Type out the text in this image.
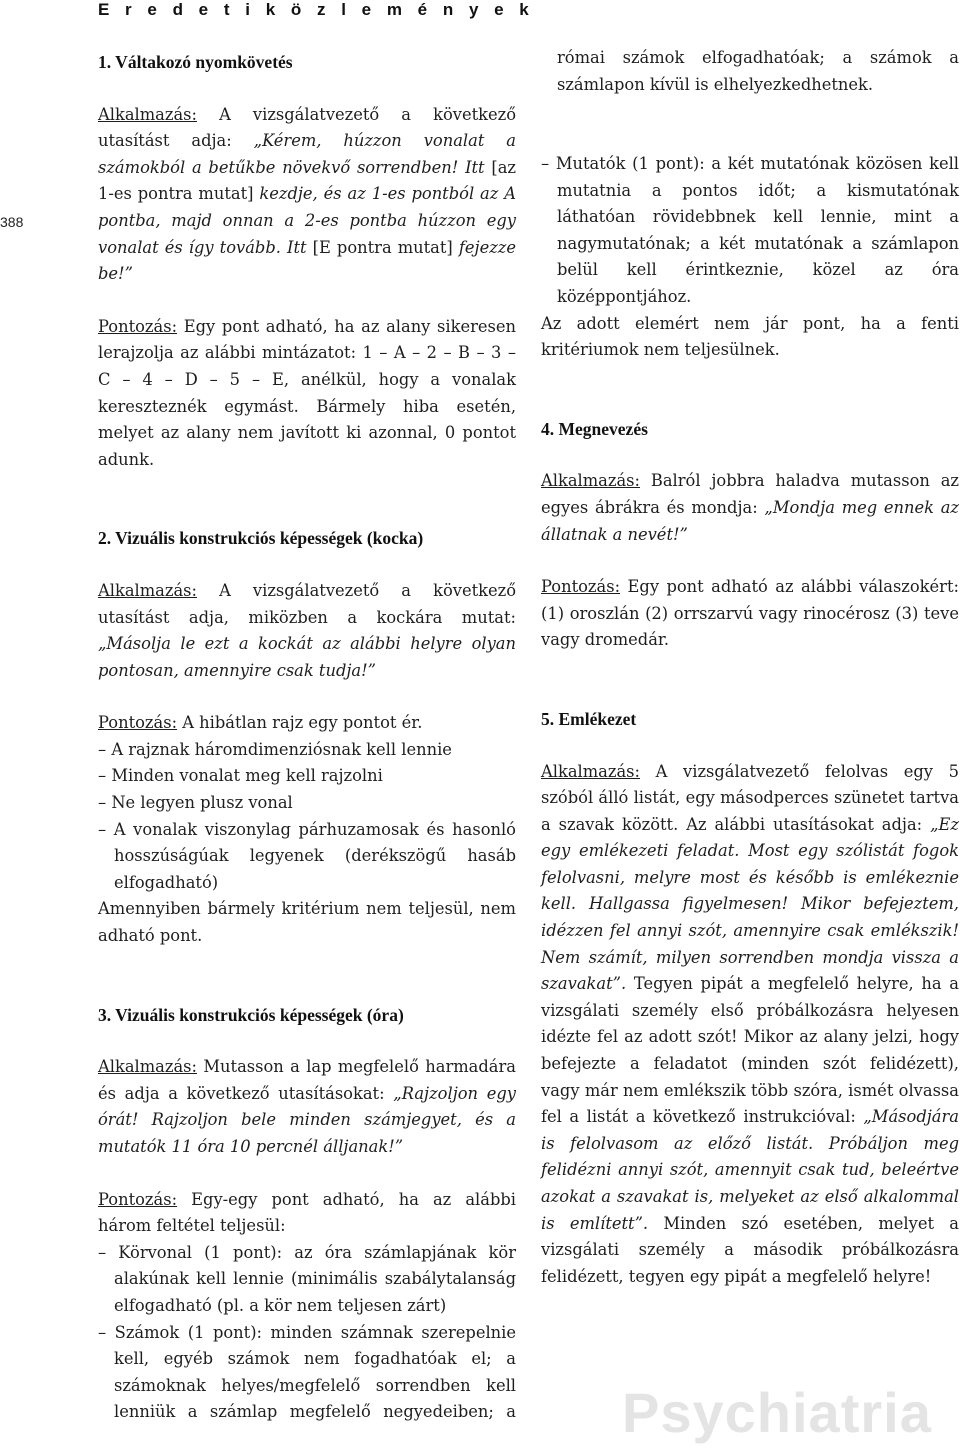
E r e d e t i k ö z l e m é n y e k
388
1. Váltakozó nyomkövetés

Alkalmazás: A vizsgálatvezető a következő utasítást adja: „Kérem, húzzon vonalat a számokból a betűkbe növekvő sorrendben! Itt [az 1-es pontra mutat] kezdje, és az 1-es pontból az A pontba, majd onnan a 2-es pontba húzzon egy vonalat és így tovább. Itt [E pontra mutat] fejezze be!”

Pontozás: Egy pont adható, ha az alany sikeresen lerajzolja az alábbi mintázatot: 1 – A – 2 – B – 3 – C – 4 – D – 5 – E, anélkül, hogy a vonalak kereszteznék egymást. Bármely hiba esetén, melyet az alany nem javított ki azonnal, 0 pontot adunk.

2. Vizuális konstrukciós képességek (kocka)

Alkalmazás: A vizsgálatvezető a következő utasítást adja, miközben a kockára mutat: „Másolja le ezt a kockát az alábbi helyre olyan pontosan, amennyire csak tudja!”

Pontozás: A hibátlan rajz egy pontot ér.

– A rajznak háromdimenziósnak kell lennie

– Minden vonalat meg kell rajzolni

– Ne legyen plusz vonal

– A vonalak viszonylag párhuzamosak és hasonló hosszúságúak legyenek (derékszögű hasáb elfogadható)

Amennyiben bármely kritérium nem teljesül, nem adható pont.

3. Vizuális konstrukciós képességek (óra)

Alkalmazás: Mutasson a lap megfelelő harmadára és adja a következő utasításokat: „Rajzoljon egy órát! Rajzoljon bele minden számjegyet, és a mutatók 11 óra 10 percnél álljanak!”

Pontozás: Egy-egy pont adható, ha az alábbi három feltétel teljesül:

– Körvonal (1 pont): az óra számlapjának kör alakúnak kell lennie (minimális szabálytalanság elfogadható (pl. a kör nem teljesen zárt)

– Számok (1 pont): minden számnak szerepelnie kell, egyéb számok nem fogadhatóak el; a számoknak helyes/megfelelő sorrendben kell lenniük a számlap megfelelő negyedeiben; a

római számok elfogadhatóak; a számok a számlapon kívül is elhelyezkedhetnek.

– Mutatók (1 pont): a két mutatónak közösen kell mutatnia a pontos időt; a kismutatónak láthatóan rövidebbnek kell lennie, mint a nagymutatónak; a két mutatónak a számlapon belül kell érintkeznie, közel az óra középpontjához.

Az adott elemért nem jár pont, ha a fenti kritériumok nem teljesülnek.

4. Megnevezés

Alkalmazás: Balról jobbra haladva mutasson az egyes ábrákra és mondja: „Mondja meg ennek az állatnak a nevét!”

Pontozás: Egy pont adható az alábbi válaszokért: (1) oroszlán (2) orrszarvú vagy rinocérosz (3) teve vagy dromedár.

5. Emlékezet

Alkalmazás: A vizsgálatvezető felolvas egy 5 szóból álló listát, egy másodperces szünetet tartva a szavak között. Az alábbi utasításokat adja: „Ez egy emlékezeti feladat. Most egy szólistát fogok felolvasni, melyre most és később is emlékeznie kell. Hallgassa figyelmesen! Mikor befejeztem, idézzen fel annyi szót, amennyire csak emlékszik! Nem számít, milyen sorrendben mondja vissza a szavakat”. Tegyen pipát a megfelelő helyre, ha a vizsgálati személy első próbálkozásra helyesen idézte fel az adott szót! Mikor az alany jelzi, hogy befejezte a feladatot (minden szót felidézett), vagy már nem emlékszik több szóra, ismét olvassa fel a listát a következő instrukcióval: „Másodjára is felolvasom az előző listát. Próbáljon meg felidézni annyi szót, amennyit csak tud, beleértve azokat a szavakat is, melyeket az első alkalommal is említett”. Minden szó esetében, melyet a vizsgálati személy a második próbálkozásra felidézett, tegyen egy pipát a megfelelő helyre!

Psychiatria
